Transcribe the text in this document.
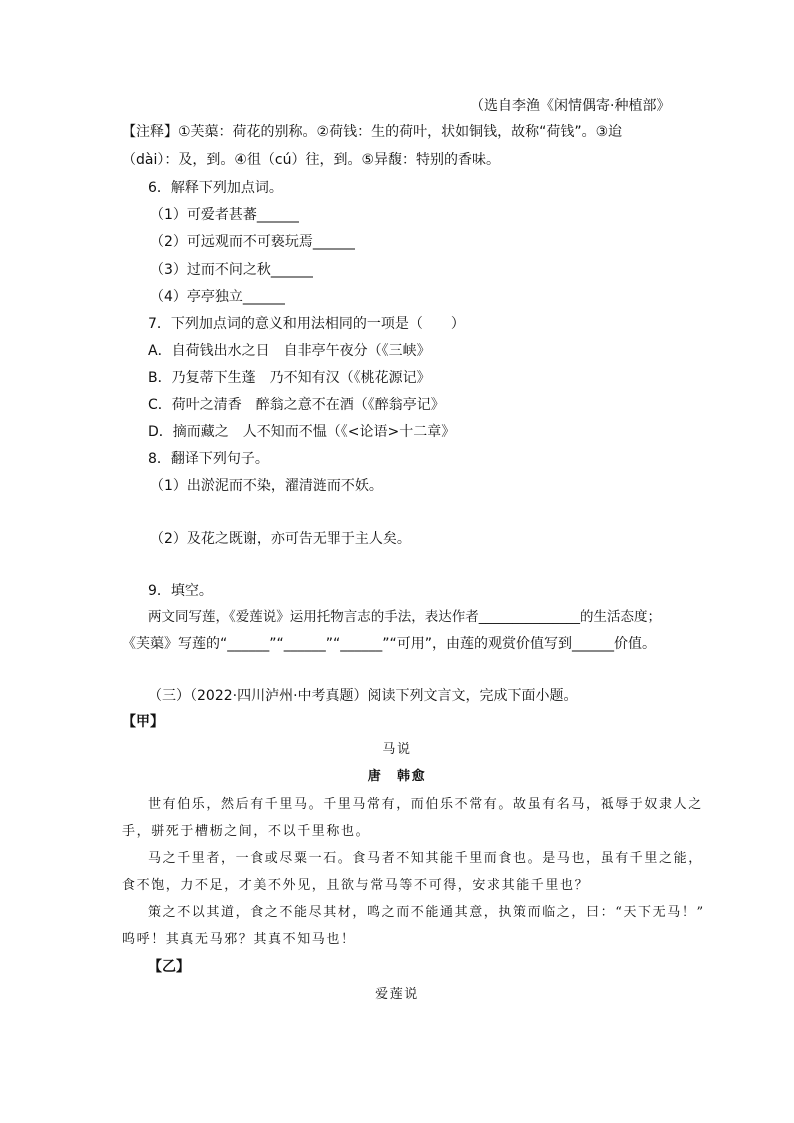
（选自李渔《闲情偶寄·种植部》
【注释】①芙蕖：荷花的别称。②荷钱：生的荷叶，状如铜钱，故称“荷钱”。③迨
（dài）：及，到。④徂（cú）往，到。⑤异馥：特别的香味。
6．解释下列加点词。
（1）可爱者甚蕃______
（2）可远观而不可亵玩焉______
（3）过而不问之秋______
（4）亭亭独立______
7．下列加点词的意义和用法相同的一项是（　　）
A．自荷钱出水之日　自非亭午夜分（《三峡》
B．乃复蒂下生蓬　乃不知有汉（《桃花源记》
C．荷叶之清香　醉翁之意不在酒（《醉翁亭记》
D．摘而藏之　人不知而不愠（《<论语>十二章》
8．翻译下列句子。
（1）出淤泥而不染，濯清涟而不妖。
（2）及花之既谢，亦可告无罪于主人矣。
9．填空。
两文同写莲，《爱莲说》运用托物言志的手法，表达作者_______________的生活态度；
《芙蕖》写莲的“______”“______”“______”“可用”，由莲的观赏价值写到______价值。
（三）（2022·四川泸州·中考真题）阅读下列文言文，完成下面小题。
【甲】
马说
唐　韩愈
世有伯乐，然后有千里马。千里马常有，而伯乐不常有。故虽有名马，祗辱于奴隶人之
手，骈死于槽枥之间，不以千里称也。
马之千里者，一食或尽粟一石。食马者不知其能千里而食也。是马也，虽有千里之能，
食不饱，力不足，才美不外见，且欲与常马等不可得，安求其能千里也？
策之不以其道，食之不能尽其材，鸣之而不能通其意，执策而临之，曰：“天下无马！”
呜呼！其真无马邪？其真不知马也！
【乙】
爱莲说
